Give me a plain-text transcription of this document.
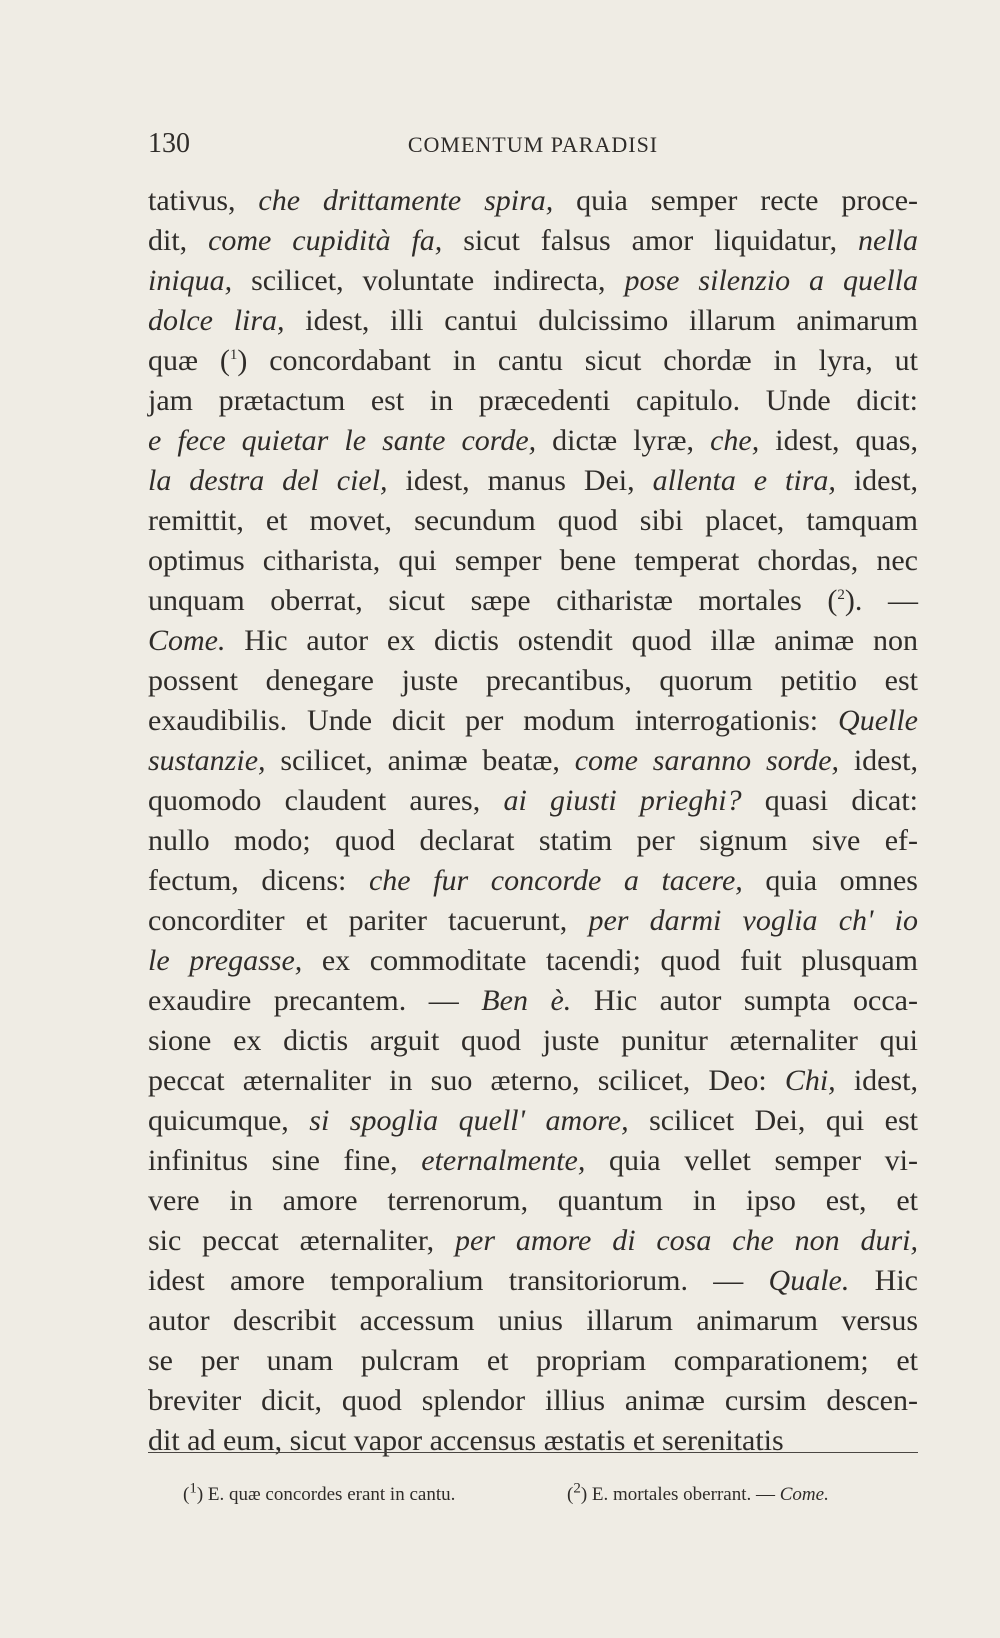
130	COMENTUM PARADISI
tativus, che drittamente spira, quia semper recte proce-
dit, come cupidità fa, sicut falsus amor liquidatur, nella
iniqua, scilicet, voluntate indirecta, pose silenzio a quella
dolce lira, idest, illi cantui dulcissimo illarum animarum
quæ ($^1$) concordabant in cantu sicut chordæ in lyra, ut
jam prætactum est in præcedenti capitulo. Unde dicit:
e fece quietar le sante corde, dictæ lyræ, che, idest, quas,
la destra del ciel, idest, manus Dei, allenta e tira, idest,
remittit, et movet, secundum quod sibi placet, tamquam
optimus citharista, qui semper bene temperat chordas, nec
unquam oberrat, sicut sæpe citharistæ mortales ($^2$). —
Come. Hic autor ex dictis ostendit quod illæ animæ non
possent denegare juste precantibus, quorum petitio est
exaudibilis. Unde dicit per modum interrogationis: Quelle
sustanzie, scilicet, animæ beatæ, come saranno sorde, idest,
quomodo claudent aures, ai giusti prieghi? quasi dicat:
nullo modo; quod declarat statim per signum sive ef-
fectum, dicens: che fur concorde a tacere, quia omnes
concorditer et pariter tacuerunt, per darmi voglia ch' io
le pregasse, ex commoditate tacendi; quod fuit plusquam
exaudire precantem. — Ben è. Hic autor sumpta occa-
sione ex dictis arguit quod juste punitur æternaliter qui
peccat æternaliter in suo æterno, scilicet, Deo: Chi, idest,
quicumque, si spoglia quell' amore, scilicet Dei, qui est
infinitus sine fine, eternalmente, quia vellet semper vi-
vere in amore terrenorum, quantum in ipso est, et
sic peccat æternaliter, per amore di cosa che non duri,
idest amore temporalium transitoriorum. — Quale. Hic
autor describit accessum unius illarum animarum versus
se per unam pulcram et propriam comparationem; et
breviter dicit, quod splendor illius animæ cursim descen-
dit ad eum, sicut vapor accensus æstatis et serenitatis
($^1$) E. quæ concordes erant in cantu.	($^2$) E. mortales oberrant. — Come.
